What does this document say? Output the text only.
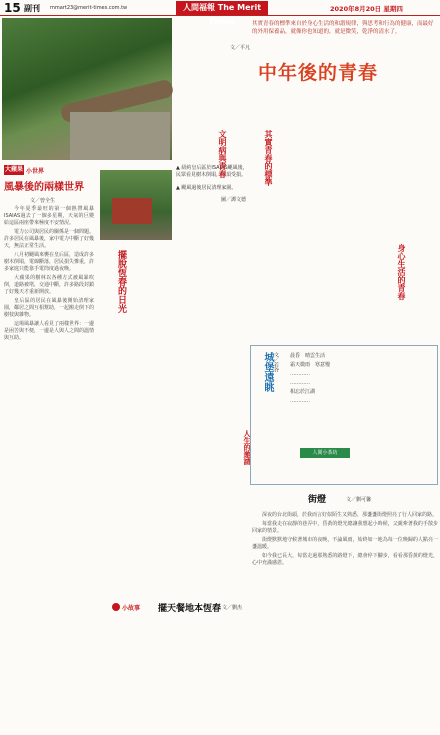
15 副刊 mmart23@merit-times.com.tw	人間福報 The Merit Times
2020年8月20日 星期四
▲ 紐約皇后區於ISAIAS颶風後，民眾看見樹木倒塌，屋頂受損。
▲ 颶風過後居民清理家園。
圖／譚文德
其實青春的標準來自於身心生活的和諧規律，與思考和行為的健康，而最好的外用保養品，就像你也知道的，就是微笑，乾淨的清水了。
文／平凡
中年後的青春
其實青春的標準
文明病與青春
身心生活的青春
大蘋果 小世界
風暴後的兩樣世界
文／曾全生

今年夏季最旺的第一個熱帶風暴ISAIAS過去了一個多星期，天氣的巨變給這區兩座帶來極度不安情況。

電力公司與居民的關係是一個問題。許多居民在風暴後，家中電力中斷了好幾天，無法正常生活。

八月初颶風來襲在皇后區，造成許多樹木倒塌，電線斷落，居民損失慘重，許多家庭只能靠手電筒度過夜晚。

大蘋果的樹林以各種方式被風暴吹倒，道路被堵，交通中斷，許多路段封鎖了好幾天才重新開放。

皇后區的居民在風暴後開始清理家園，鄰居之間互相幫助，一起搬走倒下的樹枝與雜物。

這場風暴讓人看見了兩樣世界：一邊是困苦與不便，一邊是人與人之間的溫情與互助。

擺脫恆春的日光
人生的邀請
城堡遠眺 文／若谷 晨昏　晴雲生活
霜天微雨　寒意慢
…………
…………
相忘於江湖
…………
人間小茶坊
街燈	文／劉可馨

深夜的台北街頭，於我而言好似陌生又熟悉，那盞盞街燈照亮了行人回家的路。

每當我走在寂靜的巷弄中，昏黃的燈光總讓我想起小時候，父親牽著我的手散步回家的情景。

街燈默默地守候著城市的夜晚，不論風雨，始終如一地為每一位晚歸的人點亮一盞溫暖。

如今我已長大，每當走過那熟悉的路燈下，總會停下腳步，看看那昏黃的燈光，心中充滿感恩。

小故事 擺天餐地本恆春 文／劉杰
